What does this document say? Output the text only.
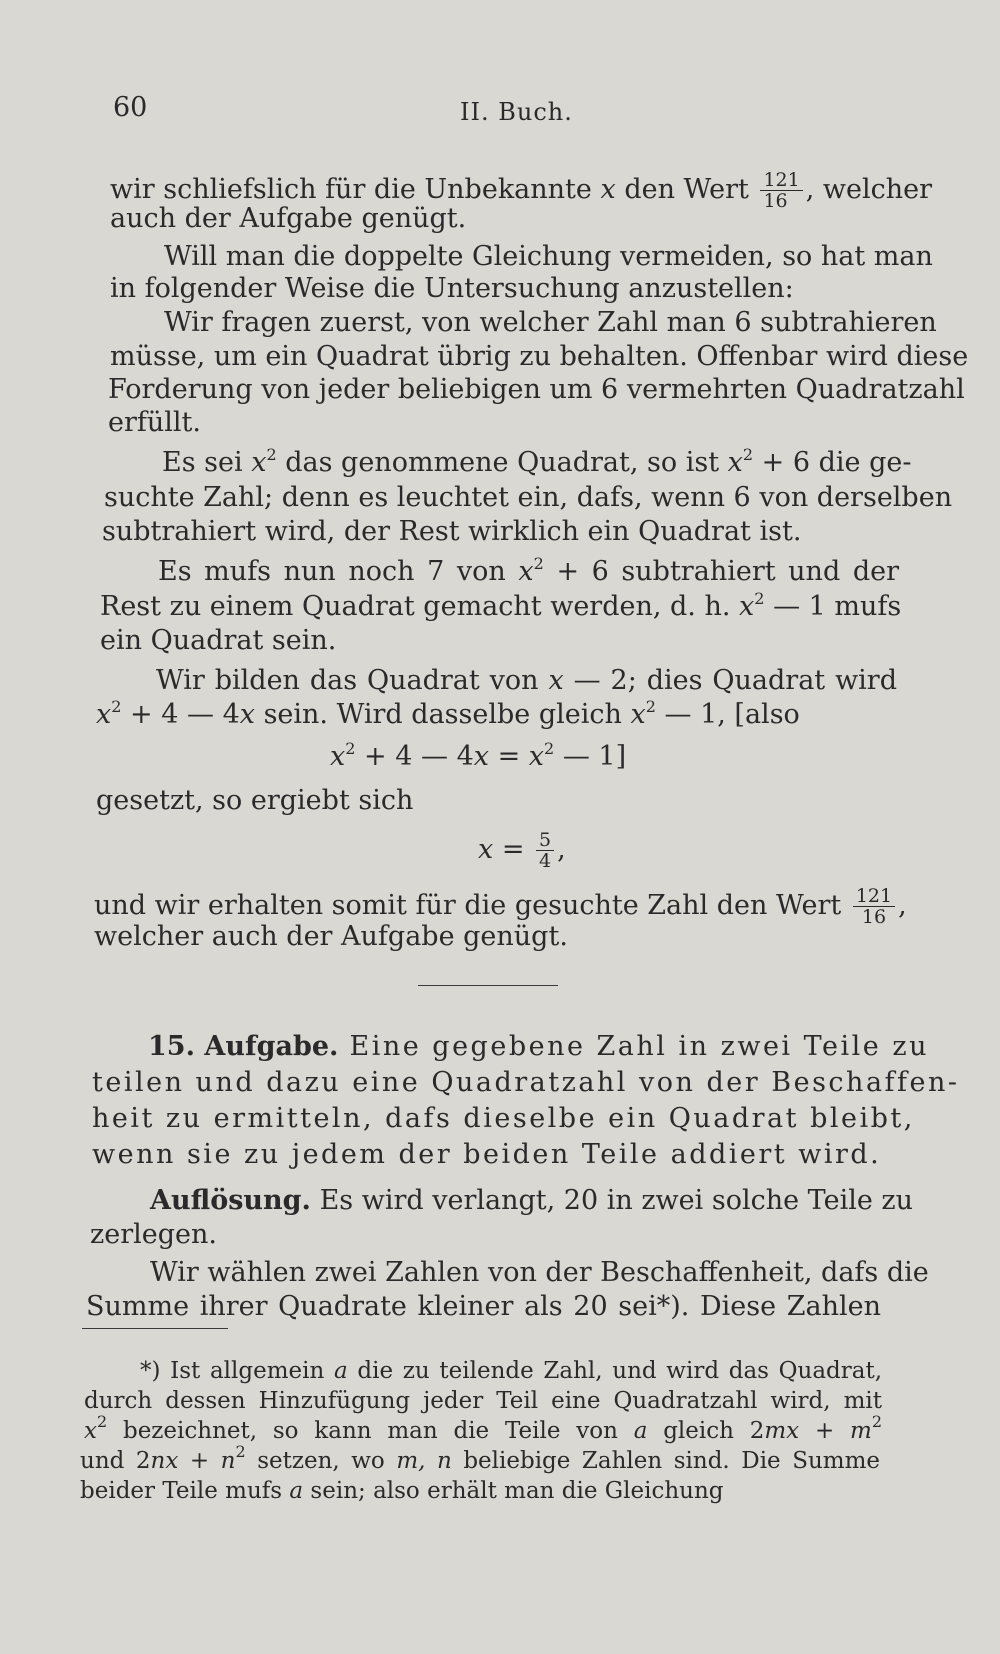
60	II. Buch.
wir schliefslich für die Unbekannte x den Wert $\frac{121}{16}$ , welcher
auch der Aufgabe genügt.
Will man die doppelte Gleichung vermeiden, so hat man
in folgender Weise die Untersuchung anzustellen:
Wir fragen zuerst, von welcher Zahl man 6 subtrahieren
müsse, um ein Quadrat übrig zu behalten. Offenbar wird diese
Forderung von jeder beliebigen um 6 vermehrten Quadratzahl
erfüllt.
Es sei $x^2$ das genommene Quadrat, so ist $x^2 + 6$ die ge-
suchte Zahl; denn es leuchtet ein, dafs, wenn 6 von derselben
subtrahiert wird, der Rest wirklich ein Quadrat ist.
Es mufs nun noch 7 von $x^2 + 6$ subtrahiert und der
Rest zu einem Quadrat gemacht werden, d. h. $x^2$ — 1 mufs
ein Quadrat sein.
Wir bilden das Quadrat von x — 2; dies Quadrat wird
$x^2 + 4$ — 4x sein. Wird dasselbe gleich $x^2$ — 1, [also
$x^2 + 4$ — $4x = x^2$ — 1]
gesetzt, so ergiebt sich
$x = \frac{5}{4}$ ,
und wir erhalten somit für die gesuchte Zahl den Wert $\frac{121}{16}$ ,
welcher auch der Aufgabe genügt.
15. Aufgabe. Eine gegebene Zahl in zwei Teile zu
teilen und dazu eine Quadratzahl von der Beschaffen-
heit zu ermitteln, dafs dieselbe ein Quadrat bleibt,
wenn sie zu jedem der beiden Teile addiert wird.
Auflösung. Es wird verlangt, 20 in zwei solche Teile zu
zerlegen.
Wir wählen zwei Zahlen von der Beschaffenheit, dafs die
Summe ihrer Quadrate kleiner als 20 sei*). Diese Zahlen
*) Ist allgemein a die zu teilende Zahl, und wird das Quadrat,
durch dessen Hinzufügung jeder Teil eine Quadratzahl wird, mit
$x^2$ bezeichnet, so kann man die Teile von a gleich $2mx + m^2$
und $2nx + n^2$ setzen, wo m, n beliebige Zahlen sind. Die Summe
beider Teile mufs a sein; also erhält man die Gleichung
